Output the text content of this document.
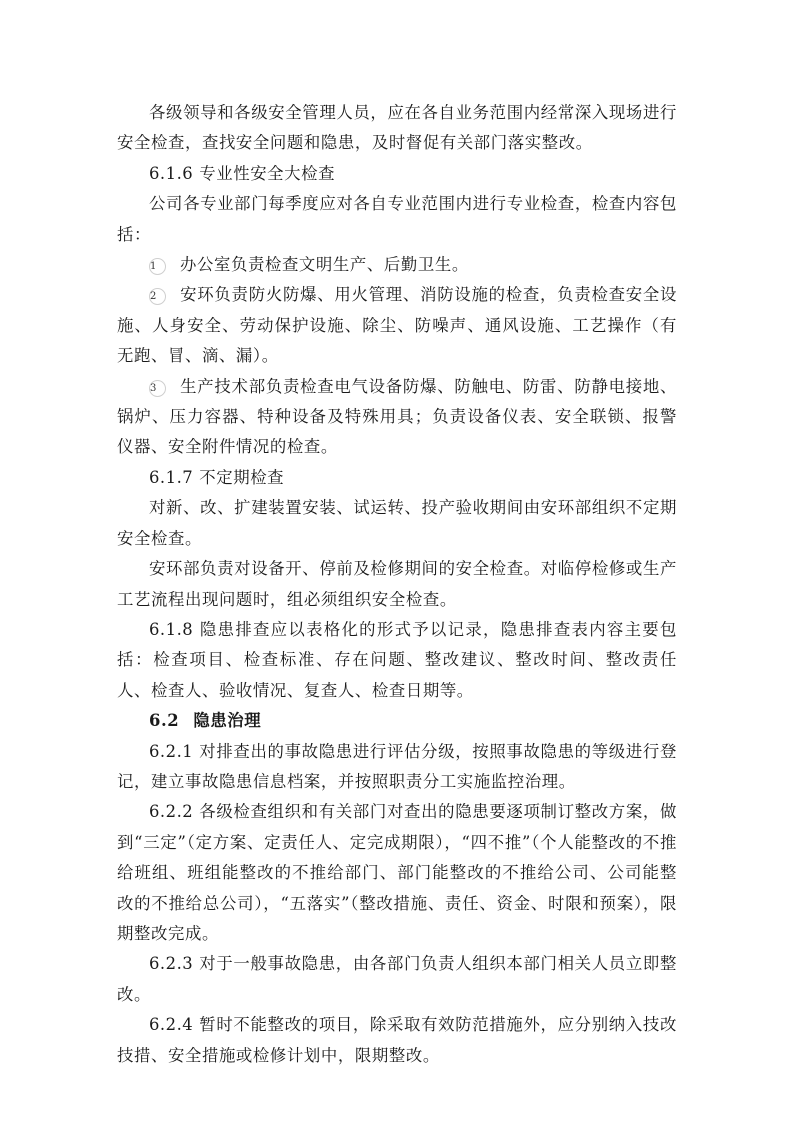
各级领导和各级安全管理人员，应在各自业务范围内经常深入现场进行安全检查，查找安全问题和隐患，及时督促有关部门落实整改。

6.1.6 专业性安全大检查

公司各专业部门每季度应对各自专业范围内进行专业检查，检查内容包括：

1 办公室负责检查文明生产、后勤卫生。

2 安环负责防火防爆、用火管理、消防设施的检查，负责检查安全设施、人身安全、劳动保护设施、除尘、防噪声、通风设施、工艺操作（有无跑、冒、滴、漏）。

3 生产技术部负责检查电气设备防爆、防触电、防雷、防静电接地、锅炉、压力容器、特种设备及特殊用具；负责设备仪表、安全联锁、报警仪器、安全附件情况的检查。

6.1.7 不定期检查

对新、改、扩建装置安装、试运转、投产验收期间由安环部组织不定期安全检查。

安环部负责对设备开、停前及检修期间的安全检查。对临停检修或生产工艺流程出现问题时，组必须组织安全检查。

6.1.8 隐患排查应以表格化的形式予以记录，隐患排查表内容主要包括：检查项目、检查标准、存在问题、整改建议、整改时间、整改责任人、检查人、验收情况、复查人、检查日期等。

6.2 隐患治理

6.2.1 对排查出的事故隐患进行评估分级，按照事故隐患的等级进行登记，建立事故隐患信息档案，并按照职责分工实施监控治理。

6.2.2 各级检查组织和有关部门对查出的隐患要逐项制订整改方案，做到“三定”（定方案、定责任人、定完成期限），“四不推”（个人能整改的不推给班组、班组能整改的不推给部门、部门能整改的不推给公司、公司能整改的不推给总公司），“五落实”（整改措施、责任、资金、时限和预案），限期整改完成。

6.2.3 对于一般事故隐患，由各部门负责人组织本部门相关人员立即整改。

6.2.4 暂时不能整改的项目，除采取有效防范措施外，应分别纳入技改技措、安全措施或检修计划中，限期整改。
